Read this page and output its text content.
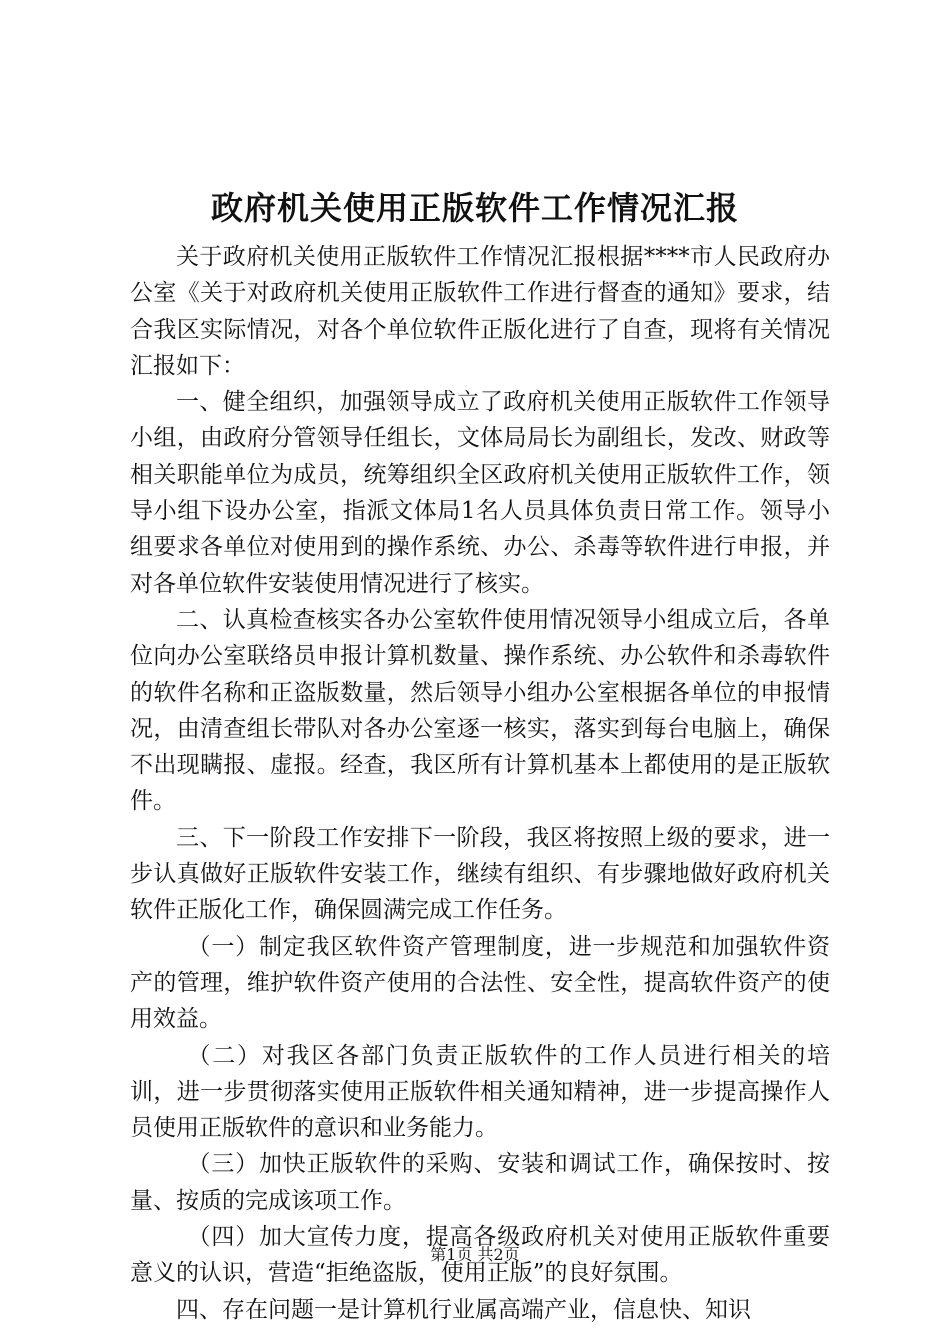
政府机关使用正版软件工作情况汇报

关于政府机关使用正版软件工作情况汇报根据****市人民政府办公室《关于对政府机关使用正版软件工作进行督查的通知》要求，结合我区实际情况，对各个单位软件正版化进行了自查，现将有关情况汇报如下：

一、健全组织，加强领导成立了政府机关使用正版软件工作领导小组，由政府分管领导任组长，文体局局长为副组长，发改、财政等相关职能单位为成员，统筹组织全区政府机关使用正版软件工作，领导小组下设办公室，指派文体局1名人员具体负责日常工作。领导小组要求各单位对使用到的操作系统、办公、杀毒等软件进行申报，并对各单位软件安装使用情况进行了核实。

二、认真检查核实各办公室软件使用情况领导小组成立后，各单位向办公室联络员申报计算机数量、操作系统、办公软件和杀毒软件的软件名称和正盗版数量，然后领导小组办公室根据各单位的申报情况，由清查组长带队对各办公室逐一核实，落实到每台电脑上，确保不出现瞒报、虚报。经查，我区所有计算机基本上都使用的是正版软件。

三、下一阶段工作安排下一阶段，我区将按照上级的要求，进一步认真做好正版软件安装工作，继续有组织、有步骤地做好政府机关软件正版化工作，确保圆满完成工作任务。

（一）制定我区软件资产管理制度，进一步规范和加强软件资产的管理，维护软件资产使用的合法性、安全性，提高软件资产的使用效益。

（二）对我区各部门负责正版软件的工作人员进行相关的培训，进一步贯彻落实使用正版软件相关通知精神，进一步提高操作人员使用正版软件的意识和业务能力。

（三）加快正版软件的采购、安装和调试工作，确保按时、按量、按质的完成该项工作。

（四）加大宣传力度，提高各级政府机关对使用正版软件重要意义的认识，营造“拒绝盗版，使用正版”的良好氛围。

四、存在问题一是计算机行业属高端产业，信息快、知识

第1页 共2页
